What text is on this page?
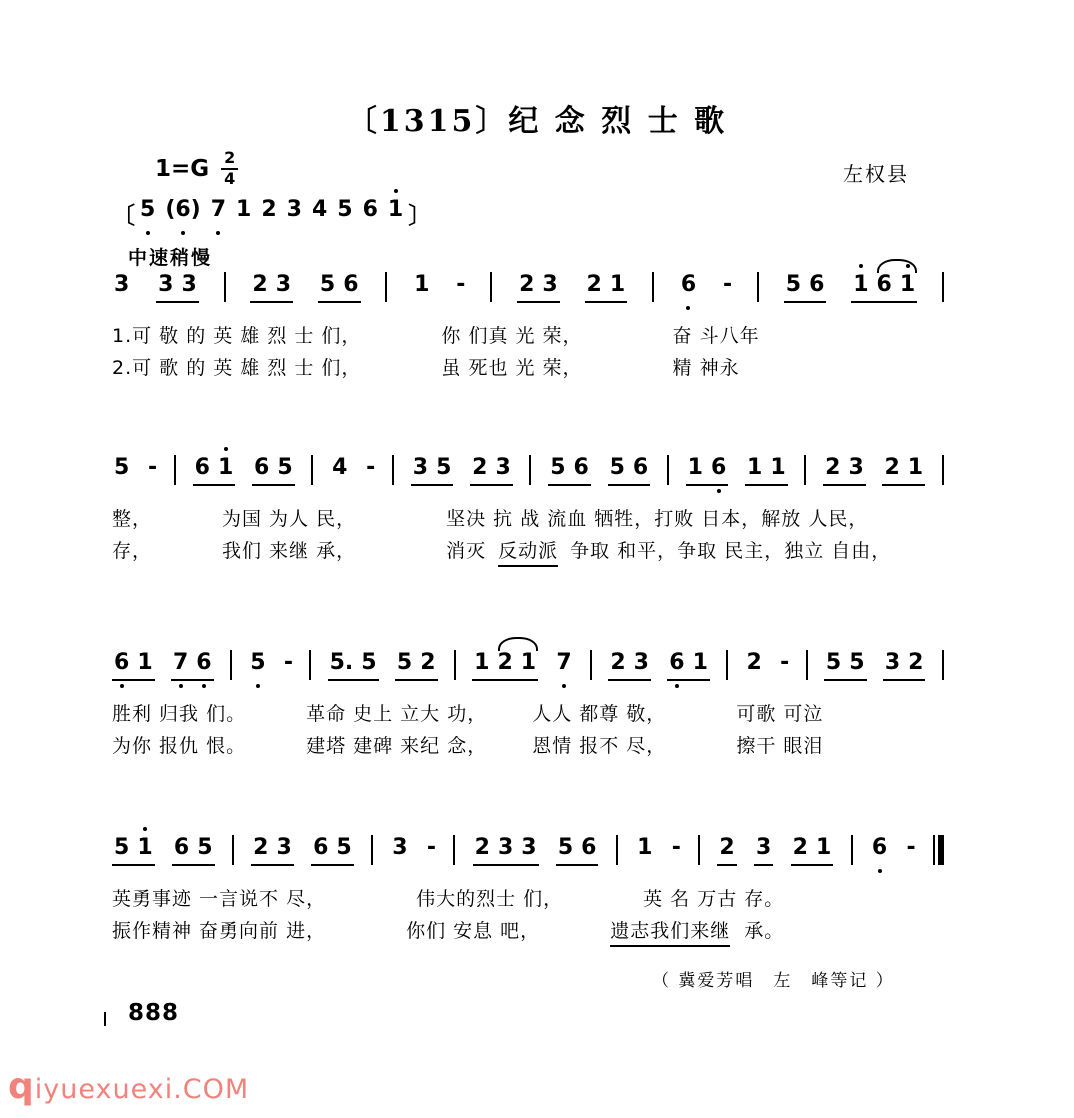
〔1315〕纪 念 烈 士 歌
$1=G \frac{2}{4}$	左权县
〔 5 (6) 7 1 2 3 4 5 6 1 〕
中速稍慢
3 3 3	2 3 5 6	1 - 2 3 2 1	6 - 5 6 1 6 1
1.可 敬 的 英 雄 烈 士 们，	你 们真 光 荣，	奋 斗八年
2.可 歌 的 英 雄 烈 士 们，	虽 死也 光 荣，	精 神永
5 - 6 1 6 5 4 - 3 5 2 3 5 6 5 6 1 6 1 1 2 3 2 1
整，	为国 为人 民，	坚决 抗 战 流血 牺牲，打败 日本，解放 人民，
存，	我们 来继 承，	消灭 反动派 争取 和平，争取 民主，独立 自由，
6 1 7 6 5 - 5. 5 5 2 1 2 1 7 2 3 6 1 2 - 5 5 3 2
胜利 归我 们。	革命 史上 立大 功， 人人 都尊 敬，	可歌 可泣
为你 报仇 恨。	建塔 建碑 来纪 念， 恩情 报不 尽，	擦干 眼泪
5 1 6 5 2 3 6 5 3 - 2 3 3 5 6 1 - 2 3 2 1 6 -
英勇事迹 一言说不 尽，	伟大的烈士 们，	英 名 万古 存。
振作精神 奋勇向前 进，	你们 安息 吧，	遗志我们来继 承。
（ 冀爱芳唱　左　峰等记 ）
888
qiyuexuexi.COM
